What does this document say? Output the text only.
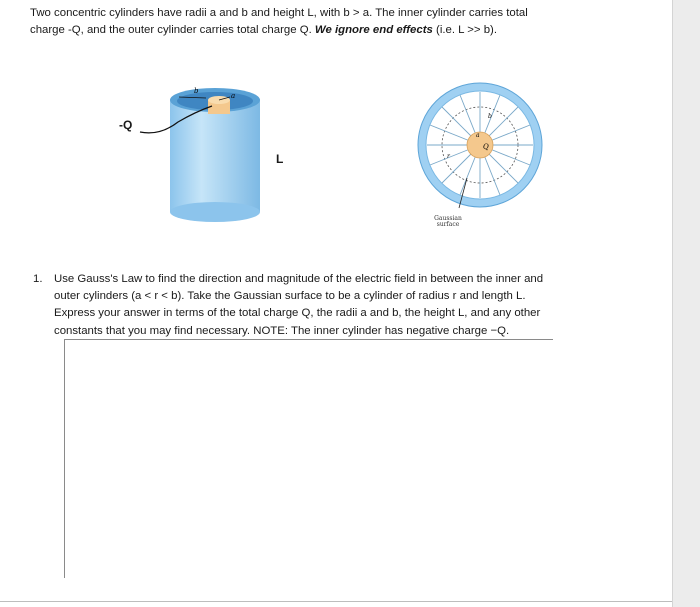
Two concentric cylinders have radii a and b and height L, with b > a. The inner cylinder carries total
charge -Q, and the outer cylinder carries total charge Q. We ignore end effects (i.e. L >> b).
b
a
-Q
L
Q
a
b
r
Gaussian
surface
1. Use Gauss's Law to find the direction and magnitude of the electric field in between the inner and
outer cylinders (a < r < b). Take the Gaussian surface to be a cylinder of radius r and length L.
Express your answer in terms of the total charge Q, the radii a and b, the height L, and any other
constants that you may find necessary. NOTE: The inner cylinder has negative charge −Q.
